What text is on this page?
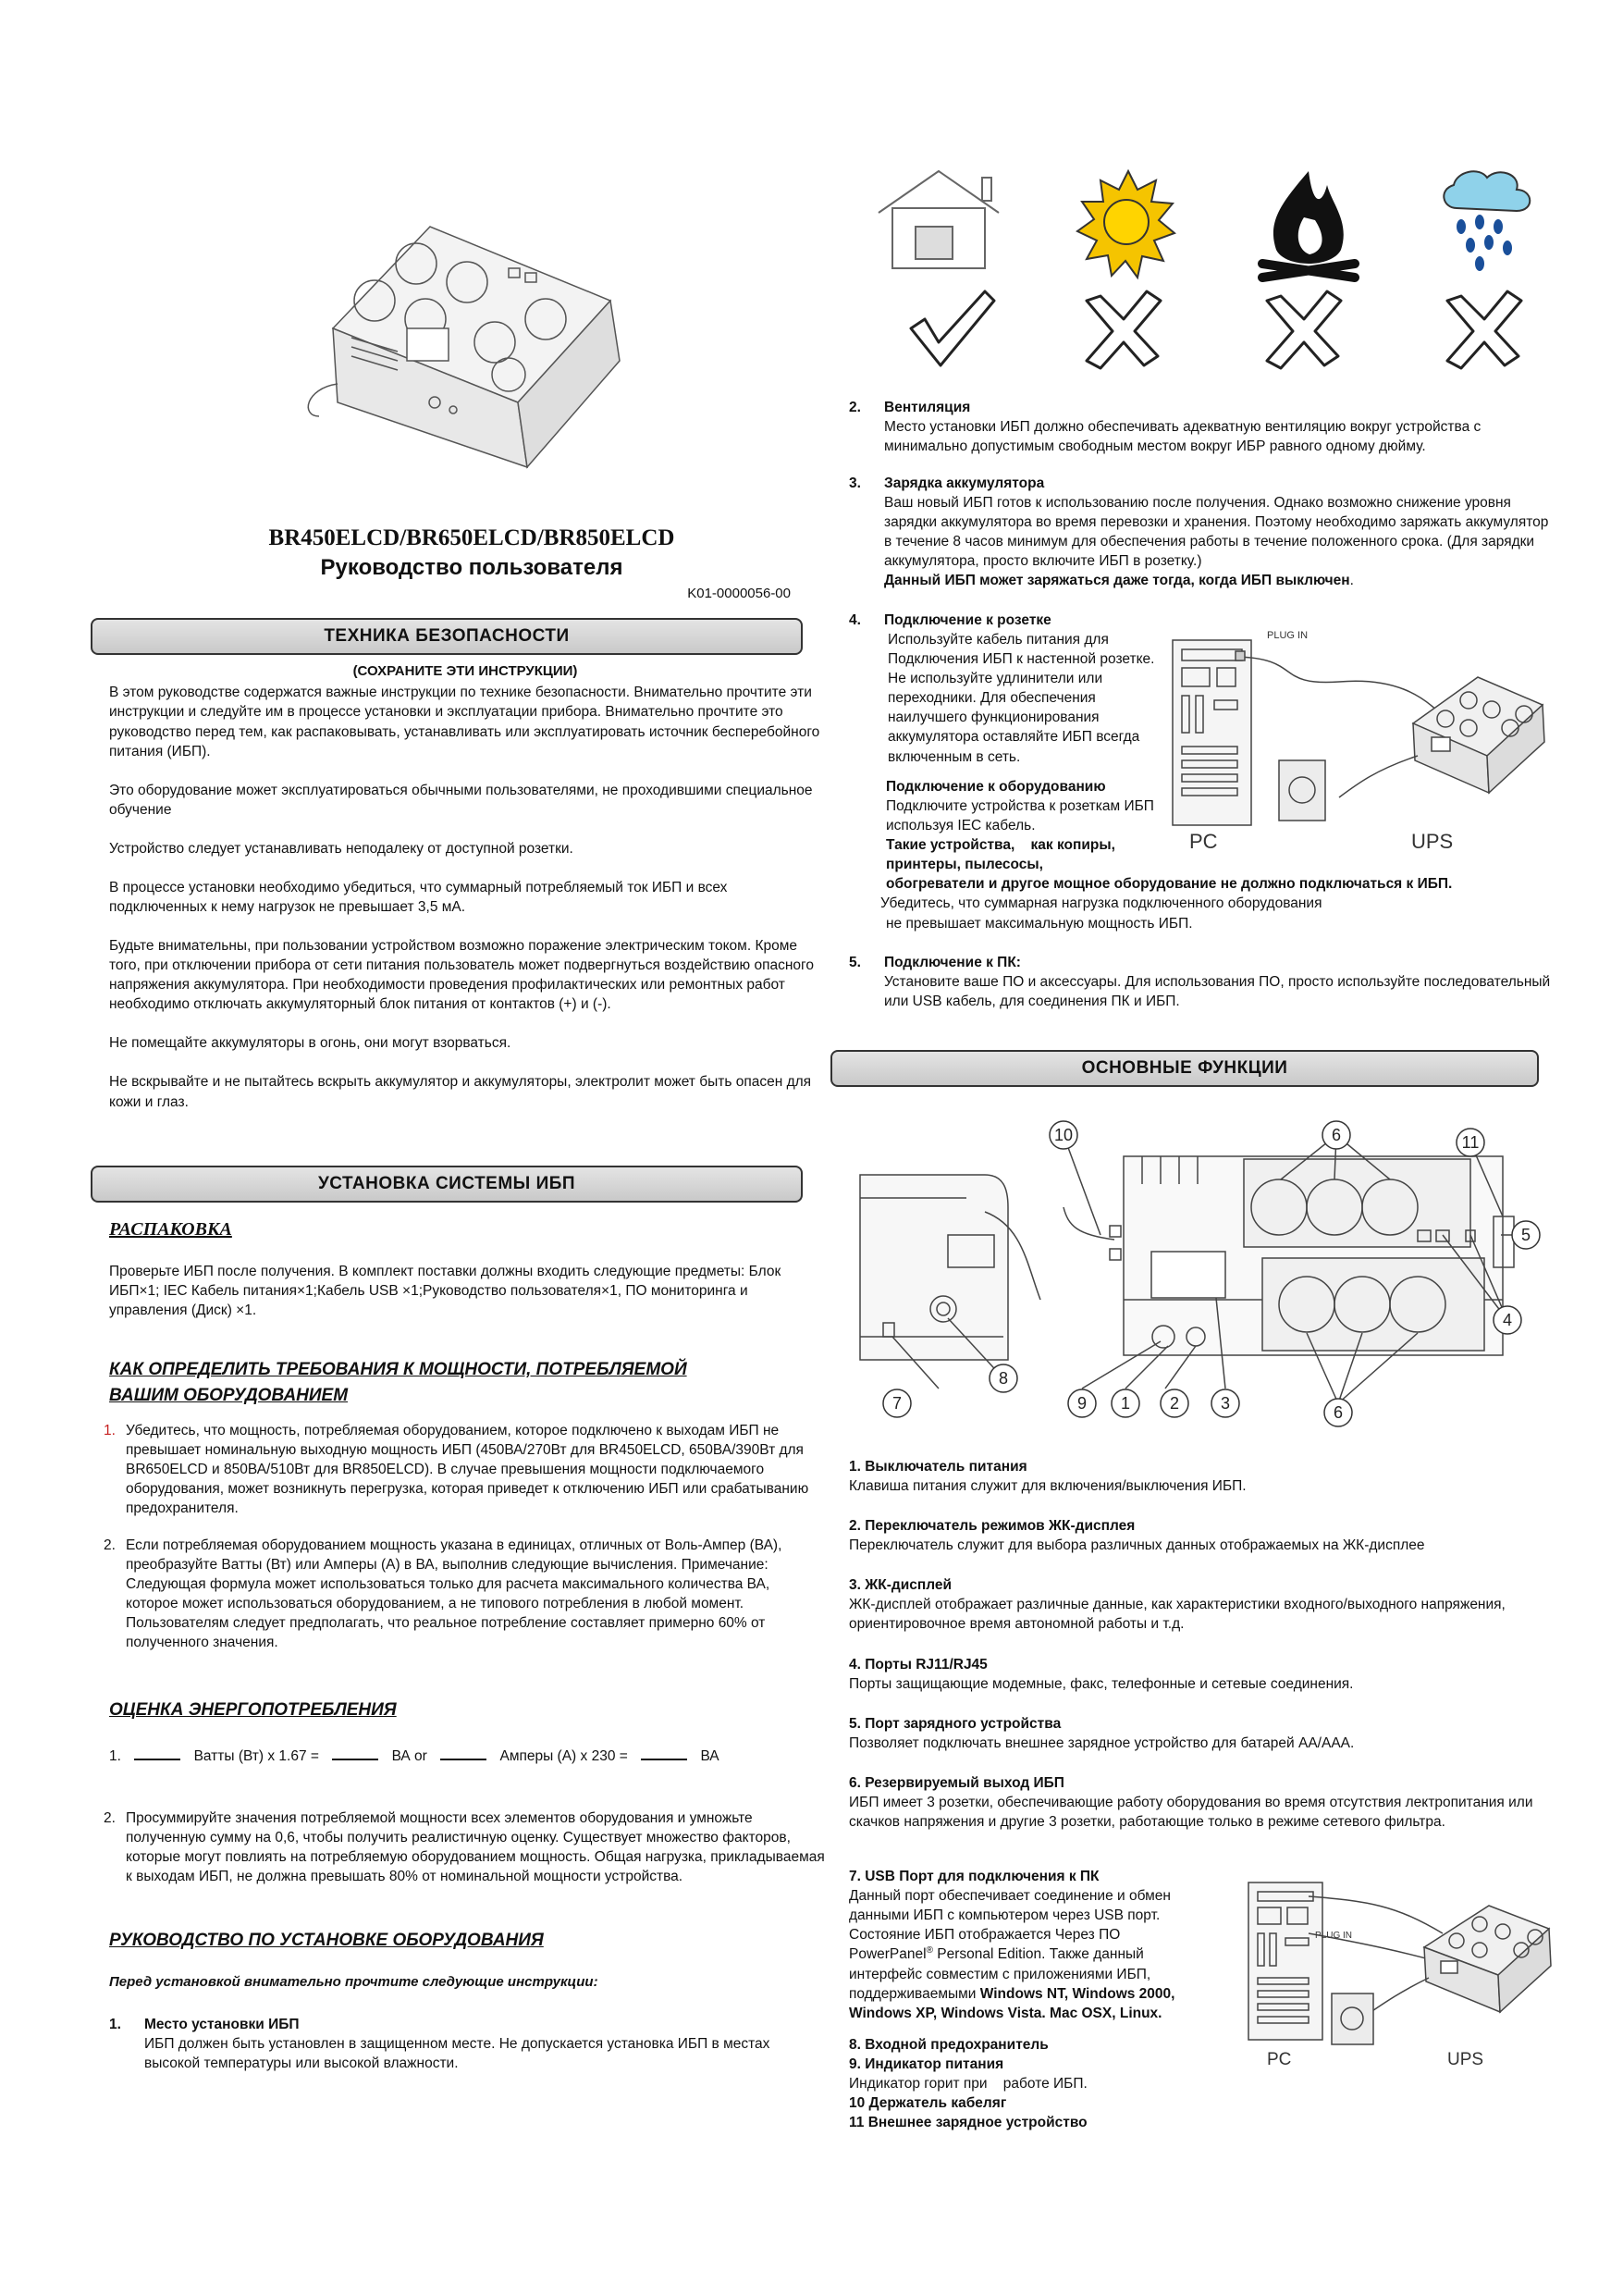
BR450ELCD/BR650ELCD/BR850ELCD
Руководство пользователя
K01-0000056-00
ТЕХНИКА БЕЗОПАСНОСТИ

(СОХРАНИТЕ ЭТИ ИНСТРУКЦИИ)

В этом руководстве содержатся важные инструкции по технике безопасности. Внимательно прочтите эти инструкции и следуйте им в процессе установки и эксплуатации прибора. Внимательно прочтите это руководство перед тем, как распаковывать, устанавливать или эксплуатировать источник бесперебойного питания (ИБП).

Это оборудование может эксплуатироваться обычными пользователями, не проходившими специальное обучение

Устройство следует устанавливать неподалеку от доступной розетки.

В процессе установки необходимо убедиться, что суммарный потребляемый ток ИБП и всех подключенных к нему нагрузок не превышает 3,5 мА.

Будьте внимательны, при пользовании устройством возможно поражение электрическим током. Кроме того, при отключении прибора от сети питания пользователь может подвергнуться воздействию опасного напряжения аккумулятора. При необходимости проведения профилактических или ремонтных работ необходимо отключать аккумуляторный блок питания от контактов (+) и (-).

Не помещайте аккумуляторы в огонь, они могут взорваться.

Не вскрывайте и не пытайтесь вскрыть аккумулятор и аккумуляторы, электролит может быть опасен для кожи и глаз.

УСТАНОВКА СИСТЕМЫ ИБП
РАСПАКОВКА

Проверьте ИБП после получения. В комплект поставки должны входить следующие предметы: Блок ИБП×1; IEC Кабель питания×1;Кабель USB ×1;Руководство пользователя×1, ПО мониторинга и управления (Диск) ×1.

КАК ОПРЕДЕЛИТЬ ТРЕБОВАНИЯ К МОЩНОСТИ, ПОТРЕБЛЯЕМОЙ
ВАШИМ ОБОРУДОВАНИЕМ
1. Убедитесь, что мощность, потребляемая оборудованием, которое подключено к выходам ИБП не превышает номинальную выходную мощность ИБП (450ВА/270Вт для BR450ELCD, 650ВА/390Вт для BR650ELCD и 850ВА/510Вт для BR850ELCD). В случае превышения мощности подключаемого оборудования, может возникнуть перегрузка, которая приведет к отключению ИБП или срабатыванию предохранителя.

2. Если потребляемая оборудованием мощность указана в единицах, отличных от Воль-Ампер (ВА), преобразуйте Ватты (Вт) или Амперы (А) в ВА, выполнив следующие вычисления. Примечание: Следующая формула может использоваться только для расчета максимального количества ВА, которое может использоваться оборудованием, а не типового потребления в любой момент. Пользователям следует предполагать, что реальное потребление составляет примерно 60% от полученного значения.

ОЦЕНКА ЭНЕРГОПОТРЕБЛЕНИЯ
1.	Ватты (Вт) x 1.67 =	ВА or	Амперы (А) x 230 =	ВА
2. Просуммируйте значения потребляемой мощности всех элементов оборудования и умножьте полученную сумму на 0,6, чтобы получить реалистичную оценку. Существует множество факторов, которые могут повлиять на потребляемую оборудованием мощность. Общая нагрузка, прикладываемая к выходам ИБП, не должна превышать 80% от номинальной мощности устройства.

РУКОВОДСТВО ПО УСТАНОВКЕ ОБОРУДОВАНИЯ
Перед установкой внимательно прочтите следующие инструкции:
1. Место установки ИБП

ИБП должен быть установлен в защищенном месте. Не допускается установка ИБП в местах высокой температуры или высокой влажности.

2. Вентиляция

Место установки ИБП должно обеспечивать адекватную вентиляцию вокруг устройства с минимально допустимым свободным местом вокруг ИБР равного одному дюйму.

3. Зарядка аккумулятора

Ваш новый ИБП готов к использованию после получения. Однако возможно снижение уровня зарядки аккумулятора во время перевозки и хранения. Поэтому необходимо заряжать аккумулятор в течение 8 часов минимум для обеспечения работы в течение положенного срока. (Для зарядки аккумулятора, просто включите ИБП в розетку.)
Данный ИБП может заряжаться даже тогда, когда ИБП выключен.

4. Подключение к розетке

Используйте кабель питания для Подключения ИБП к настенной розетке. Не используйте удлинители или переходники. Для обеспечения наилучшего функционирования аккумулятора оставляйте ИБП всегда включенным в сеть.

Подключение к оборудованию

Подключите устройства к розеткам ИБП используя IEC кабель.

Такие устройства,    как копиры,
принтеры, пылесосы,
обогреватели и другое мощное оборудование не должно подключаться к ИБП.
Убедитесь, что суммарная нагрузка подключенного оборудования
не превышает максимальную мощность ИБП.
PLUG IN
PC	UPS
5. Подключение к ПК:

Установите ваше ПО и аксессуары. Для использования ПО, просто используйте последовательный или USB кабель, для соединения ПК и ИБП.

ОСНОВНЫЕ ФУНКЦИИ
10	6	11
5
4
7
8
9 1 2 3	6
1. Выключатель питания

Клавиша питания служит для включения/выключения ИБП.

2. Переключатель режимов ЖК-дисплея

Переключатель служит для выбора различных данных отображаемых на ЖК-дисплее

3. ЖК-дисплей

ЖК-дисплей отображает различные данные, как характеристики входного/выходного напряжения, ориентировочное время автономной работы и т.д.

4. Порты RJ11/RJ45

Порты защищающие модемные, факс, телефонные и сетевые соединения.

5. Порт зарядного устройства

Позволяет подключать внешнее зарядное устройство для батарей AA/AAA.

6. Резервируемый выход ИБП

ИБП имеет 3 розетки, обеспечивающие работу оборудования во время отсутствия лектропитания или скачков напряжения и другие 3 розетки, работающие только в режиме сетевого фильтра.

7. USB Порт для подключения к ПК

Данный порт обеспечивает соединение и обмен данными ИБП с компьютером через USB порт. Состояние ИБП отображается Через ПО PowerPanel® Personal Edition. Также данный интерфейс совместим с приложениями ИБП, поддерживаемыми Windows NT, Windows 2000, Windows XP, Windows Vista. Mac OSX, Linux.

PLUG IN
PC	UPS
8. Входной предохранитель
9. Индикатор питания
Индикатор горит при    работе ИБП.
10 Держатель кабеляг
11 Внешнее зарядное устройство
